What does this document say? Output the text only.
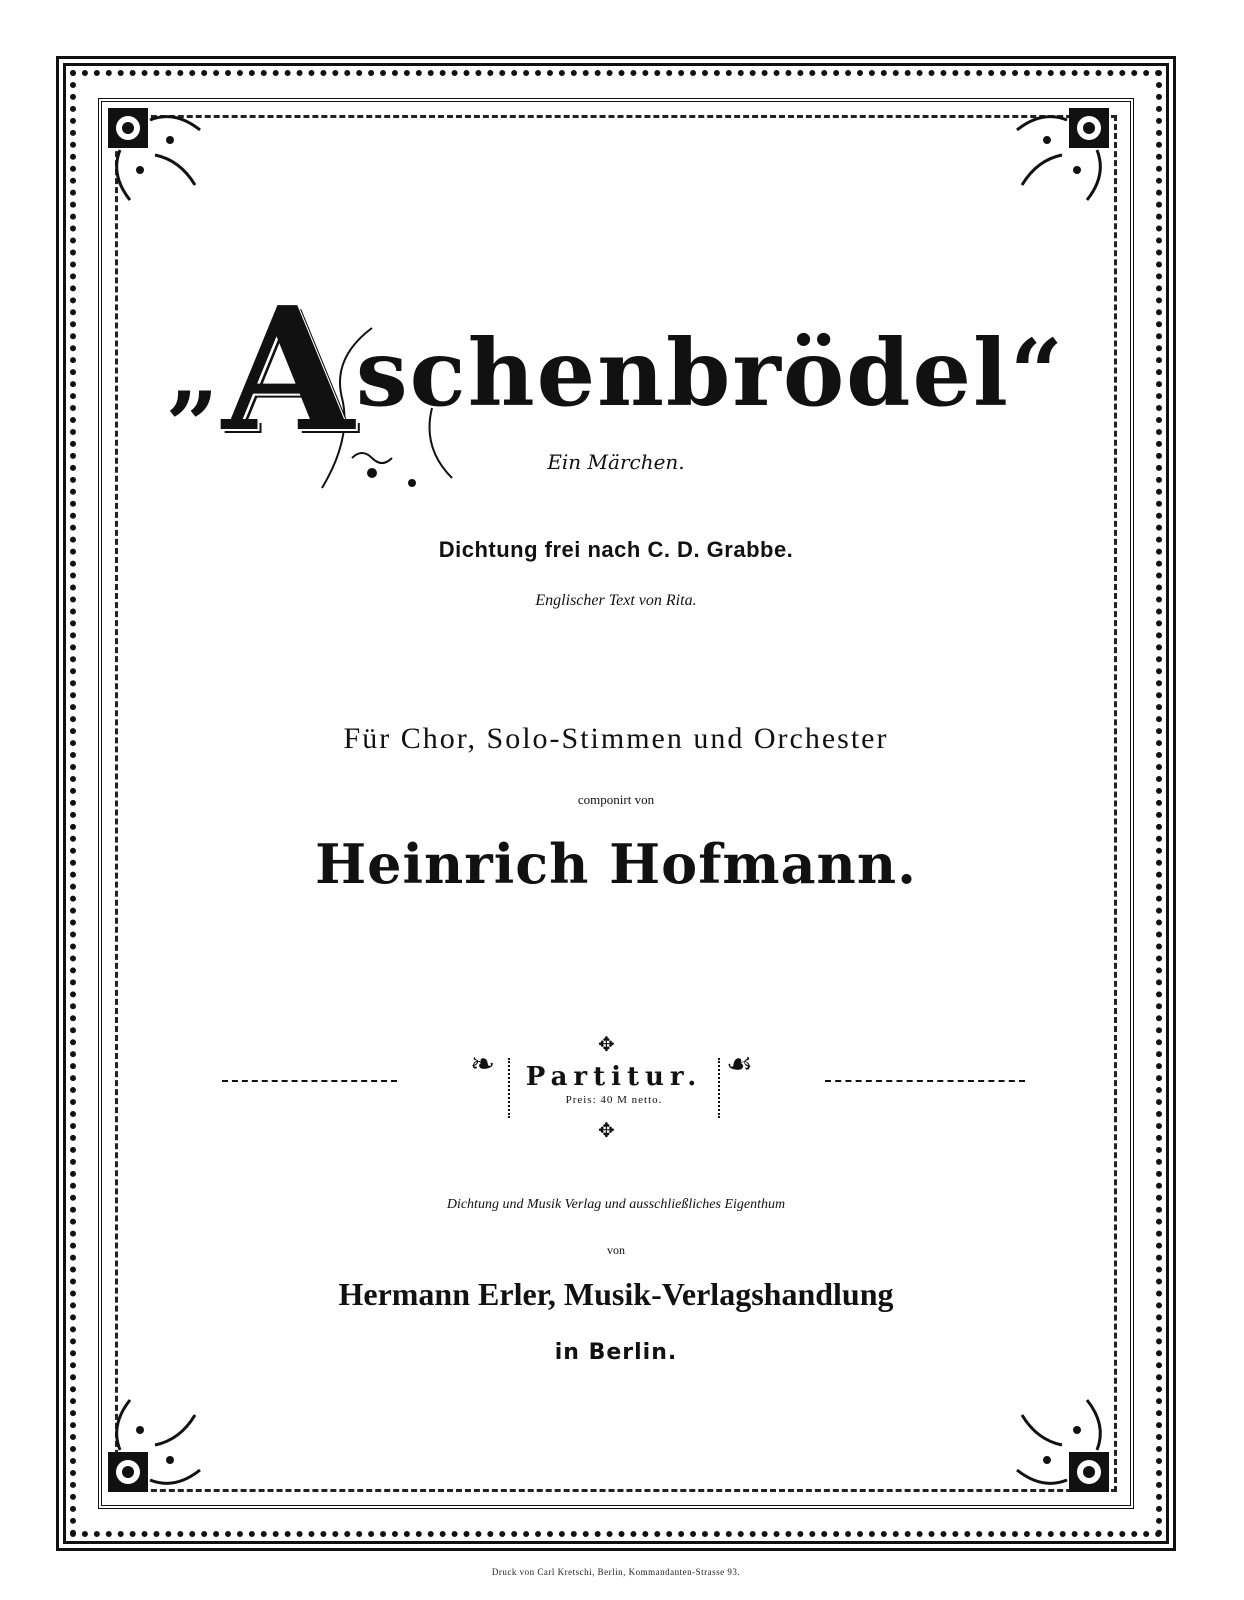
„Aschenbrödel“
Ein Märchen.
Dichtung frei nach C. D. Grabbe.
Englischer Text von Rita.
Für Chor, Solo-Stimmen und Orchester
componirt von
Heinrich Hofmann.
❧	☙
✥
✥
Partitur.
Preis: 40 M netto.
Dichtung und Musik Verlag und ausschließliches Eigenthum
von
Hermann Erler, Musik-Verlagshandlung
in Berlin.
Druck von Carl Kretschi, Berlin, Kommandanten-Strasse 93.
